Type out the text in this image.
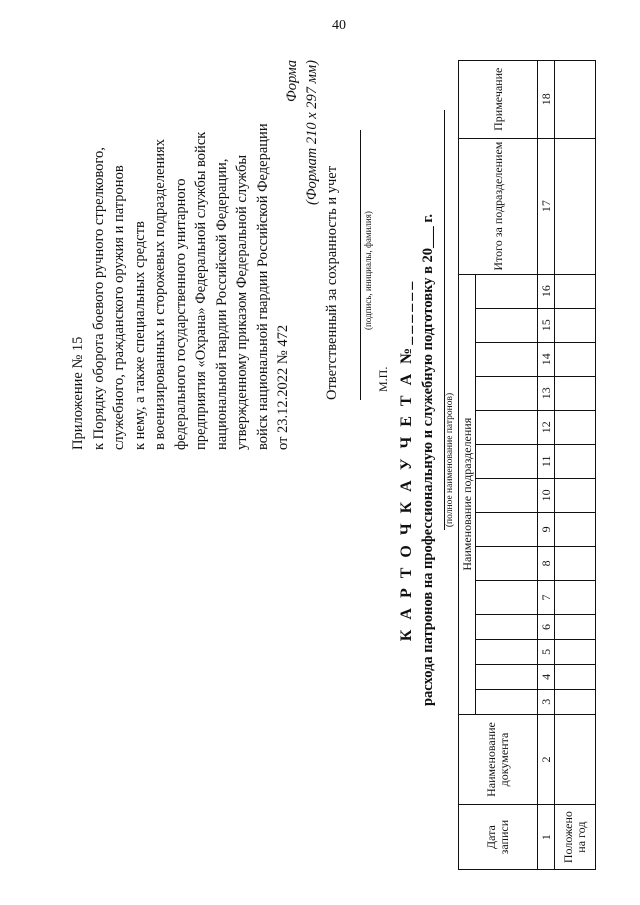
40
Приложение № 15 к Порядку оборота боевого ручного стрелкового, служебного, гражданского оружия и патронов к нему, а также специальных средств в военизированных и сторожевых подразделениях федерального государственного унитарного предприятия «Охрана» Федеральной службы войск национальной гвардии Российской Федерации, утвержденному приказом Федеральной службы войск национальной гвардии Российской Федерации от 23.12.2022 № 472
Форма (Формат 210 х 297 мм)
Ответственный за сохранность и учет	(подпись, инициалы, фамилия)
М.П. К А Р Т О Ч К А У Ч Е Т А №______ расхода патронов на профессиональную и служебную подготовку в 20___ г. (полное наименование патронов)
Дата записи	Наименование документа	Наименование подразделения														Итого за подразделением	Примечание

1	2	3	4	5	6	7	8	9	10	11	12	13	14	15	16	17	18
Положено на год																	
